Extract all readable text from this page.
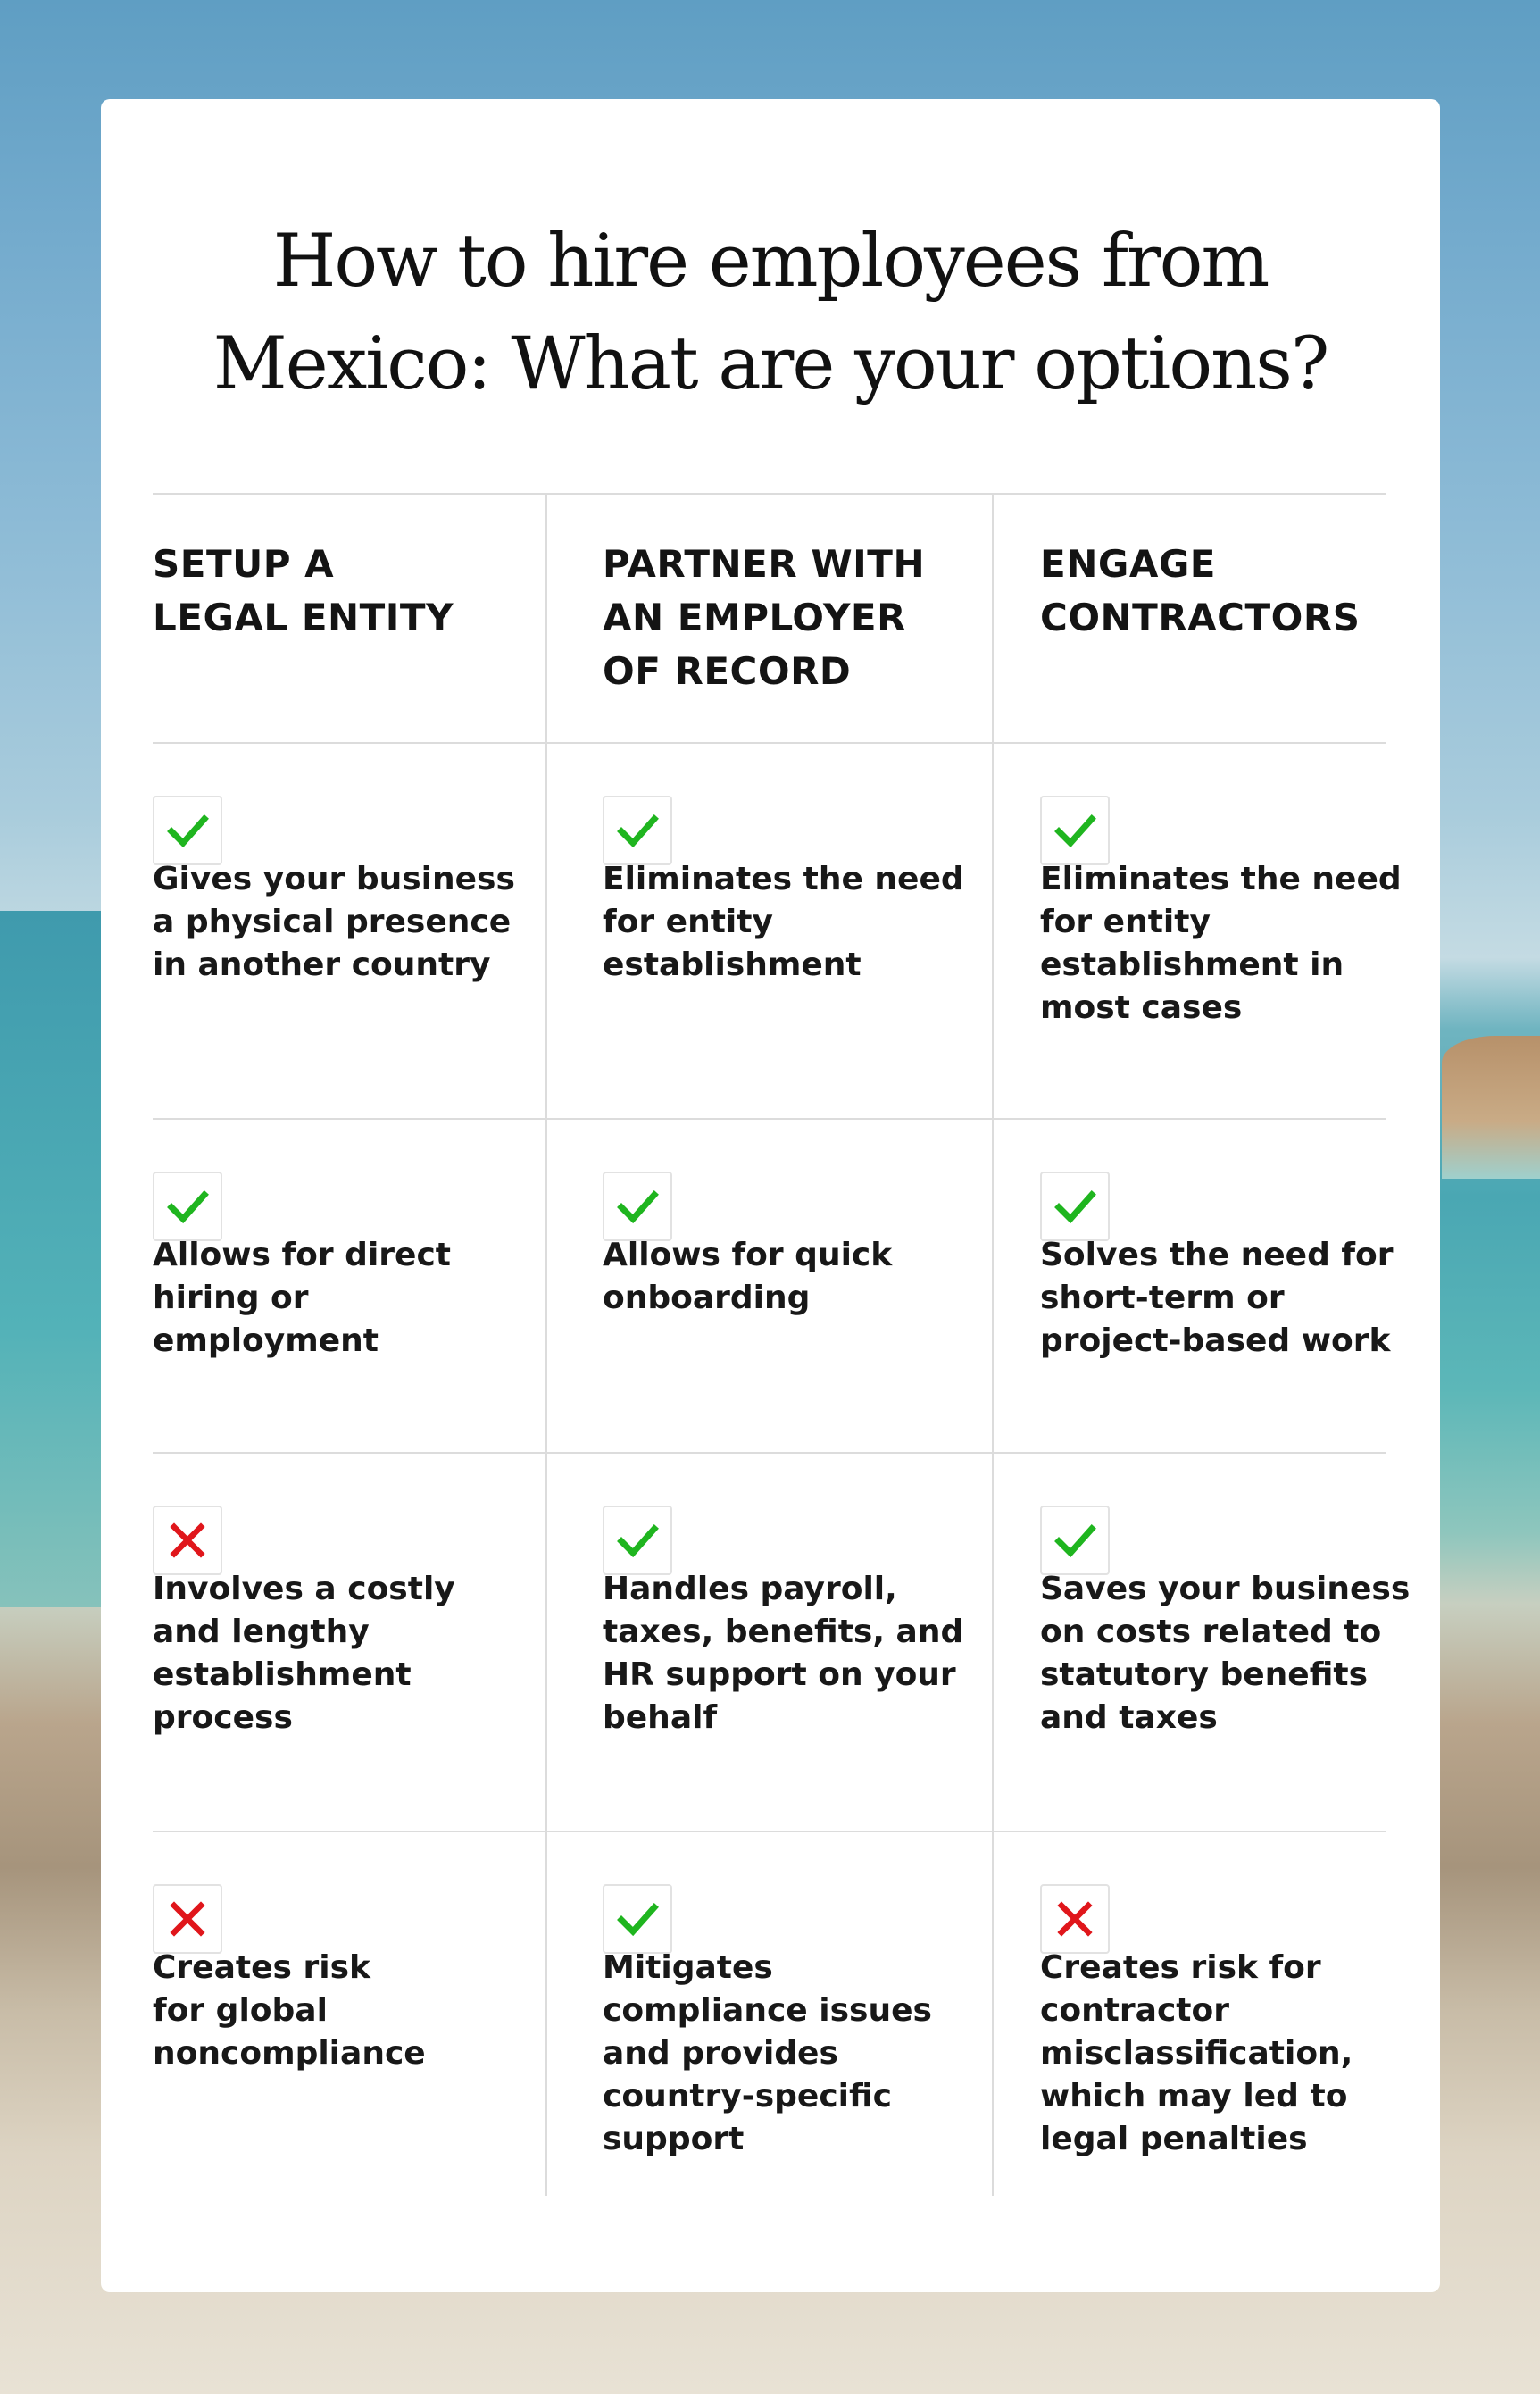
How to hire employees from
Mexico: What are your options?
SETUP A
LEGAL ENTITY
Gives your business
a physical presence
in another country
Allows for direct
hiring or
employment
Involves a costly
and lengthy
establishment
process
Creates risk
for global
noncompliance
PARTNER WITH
AN EMPLOYER
OF RECORD
Eliminates the need
for entity
establishment
Allows for quick
onboarding
Handles payroll,
taxes, benefits, and
HR support on your
behalf
Mitigates
compliance issues
and provides
country-specific
support
ENGAGE
CONTRACTORS
Eliminates the need
for entity
establishment in
most cases
Solves the need for
short-term or
project-based work
Saves your business
on costs related to
statutory benefits
and taxes
Creates risk for
contractor
misclassification,
which may led to
legal penalties
